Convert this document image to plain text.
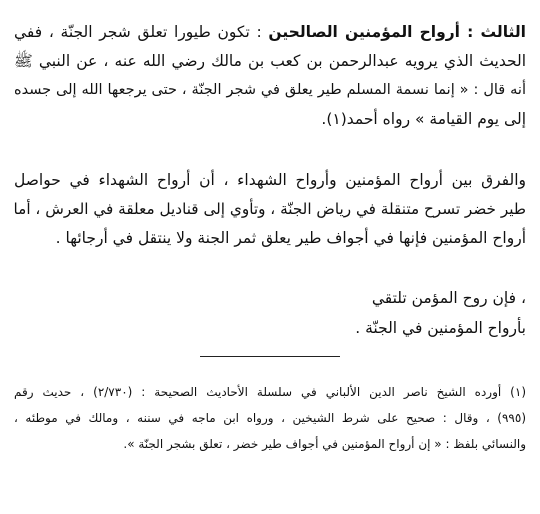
الثالث : أرواح المؤمنين الصالحين : تكون طيورا تعلق شجر الجنّة ، ففي
الحديث الذي يرويه عبدالرحمن بن كعب بن مالك رضي الله عنه ، عن النبي ﷺ
أنه قال : « إنما نسمة المسلم طير يعلق في شجر الجنّة ، حتى يرجعها الله إلى جسده
إلى يوم القيامة » رواه أحمد(١).
والفرق بين أرواح المؤمنين وأرواح الشهداء ، أن أرواح الشهداء في حواصل
طير خضر تسرح متنقلة في رياض الجنّة ، وتأوي إلى قناديل معلقة في العرش ، أما
أرواح المؤمنين فإنها في أجواف طير يعلق ثمر الجنة ولا ينتقل في أرجائها .
، فإن روح المؤمن تلتقي
بأرواح المؤمنين في الجنّة .
(١) أورده الشيخ ناصر الدين الألباني في سلسلة الأحاديث الصحيحة : (٢/٧٣٠) ، حديث رقم
(٩٩٥) ، وقال : صحيح على شرط الشيخين ، ورواه ابن ماجه في سننه ، ومالك في موطئه ،
والنسائي بلفظ : « إن أرواح المؤمنين في أجواف طير خضر ، تعلق بشجر الجنّة ».
